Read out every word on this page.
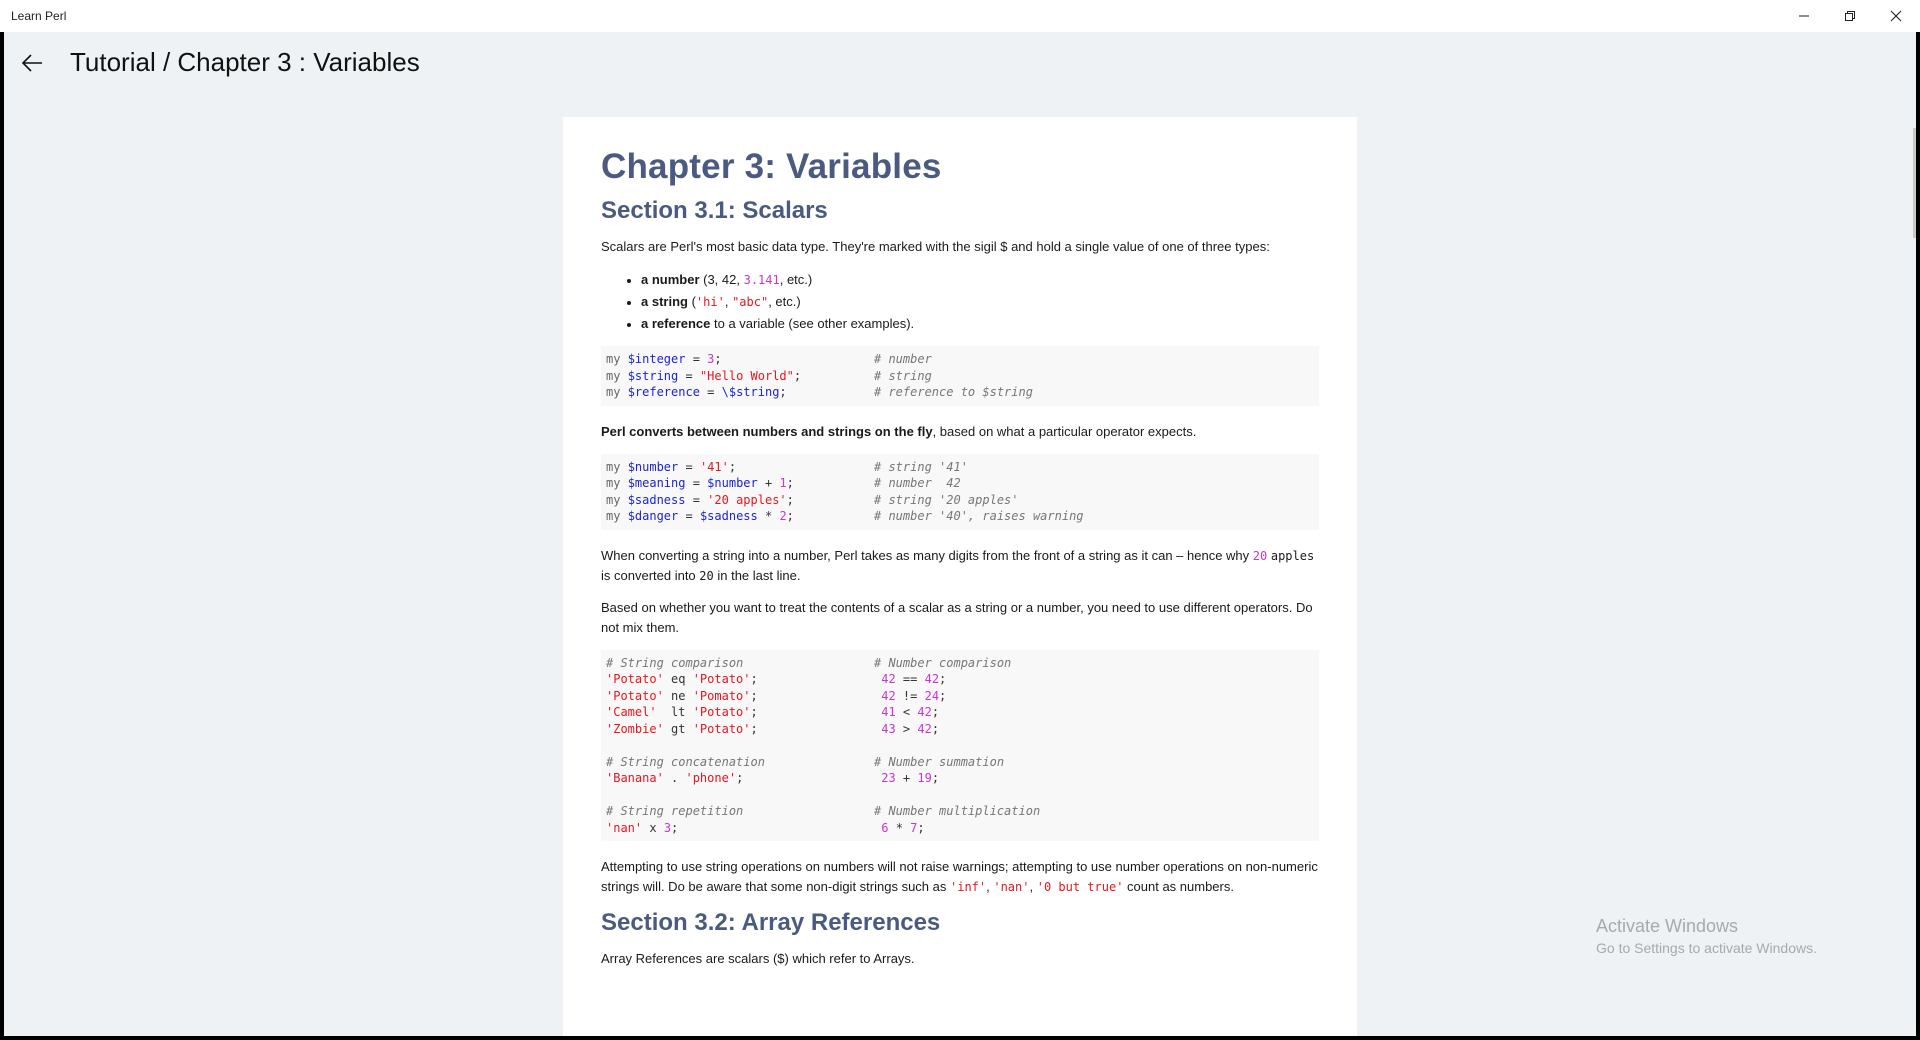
Learn Perl
Tutorial / Chapter 3 : Variables
Chapter 3: Variables
Section 3.1: Scalars

Scalars are Perl's most basic data type. They're marked with the sigil $ and hold a single value of one of three types:

• a number (3, 42, 3.141, etc.)
• a string ('hi', "abc", etc.)
• a reference to a variable (see other examples).
my $integer = 3;	# number
my $string = "Hello World";	# string
my $reference = \$string;	# reference to $string

Perl converts between numbers and strings on the fly, based on what a particular operator expects.

my $number = '41';	# string '41'
my $meaning = $number + 1;	# number  42
my $sadness = '20 apples';	# string '20 apples'
my $danger = $sadness * 2;	# number '40', raises warning

When converting a string into a number, Perl takes as many digits from the front of a string as it can – hence why 20 apples is converted into 20 in the last line.

Based on whether you want to treat the contents of a scalar as a string or a number, you need to use different operators. Do not mix them.

# String comparison	# Number comparison
'Potato' eq 'Potato';	42 == 42;
'Potato' ne 'Pomato';	42 != 24;
'Camel'  lt 'Potato';	41 < 42;
'Zombie' gt 'Potato';	43 > 42;

# String concatenation	# Number summation
'Banana' . 'phone';	23 + 19;

# String repetition	# Number multiplication
'nan' x 3;	6 * 7;

Attempting to use string operations on numbers will not raise warnings; attempting to use number operations on non-numeric strings will. Do be aware that some non-digit strings such as 'inf', 'nan', '0 but true' count as numbers.

Section 3.2: Array References

Array References are scalars ($) which refer to Arrays.

Activate Windows
Go to Settings to activate Windows.
